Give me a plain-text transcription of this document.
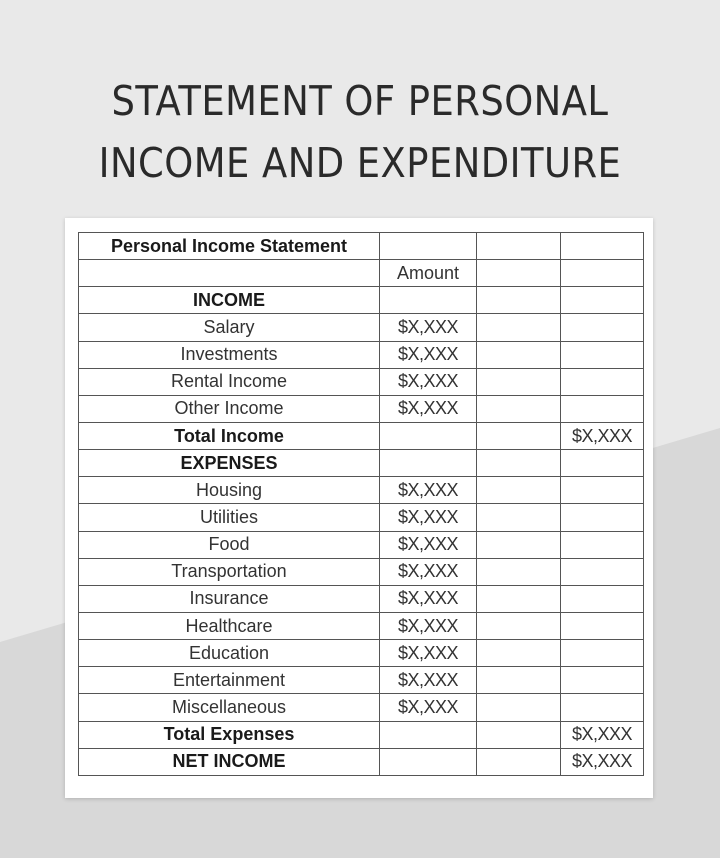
STATEMENT OF PERSONAL
INCOME AND EXPENDITURE
Personal Income Statement			
	Amount		
INCOME			
Salary	$X,XXX		
Investments	$X,XXX		
Rental Income	$X,XXX		
Other Income	$X,XXX		
Total Income			$X,XXX
EXPENSES			
Housing	$X,XXX		
Utilities	$X,XXX		
Food	$X,XXX		
Transportation	$X,XXX		
Insurance	$X,XXX		
Healthcare	$X,XXX		
Education	$X,XXX		
Entertainment	$X,XXX		
Miscellaneous	$X,XXX		
Total Expenses			$X,XXX
NET INCOME			$X,XXX
